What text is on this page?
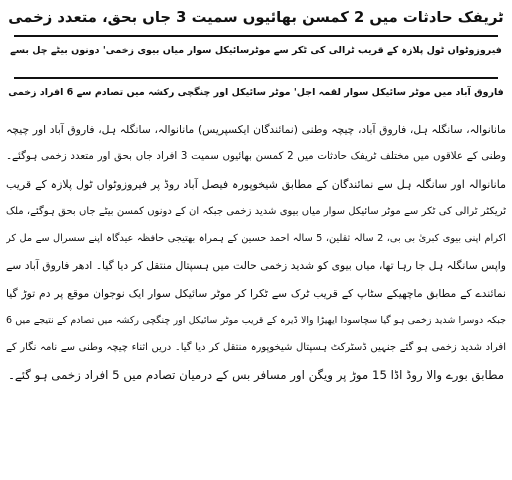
ٹریفک حادثات میں 2 کمسن بھائیوں سمیت 3 جاں بحق، متعدد زخمی
فیروزوٹواں ٹول پلازہ کے قریب ٹرالی کی ٹکر سے موٹرسائیکل سوار میاں بیوی زخمی' دونوں بیٹے چل بسے
فاروق آباد میں موٹر سائیکل سوار لقمہ اجل' موٹر سائیکل اور چنگچی رکشہ میں تصادم سے 6 افراد زخمی
مانانوالہ، سانگلہ ہل، فاروق آباد، چیچہ وطنی (نمائندگان ایکسپریس) مانانوالہ، سانگلہ ہل، فاروق آباد اور چیچہ
وطنی کے علاقوں میں مختلف ٹریفک حادثات میں 2 کمسن بھائیوں سمیت 3 افراد جاں بحق اور متعدد زخمی ہوگئے۔
مانانوالہ اور سانگلہ ہل سے نمائندگان کے مطابق شیخوپورہ فیصل آباد روڈ پر فیروزوٹواں ٹول پلازہ کے قریب
ٹریکٹر ٹرالی کی ٹکر سے موٹر سائیکل سوار میاں بیوی شدید زخمی جبکہ ان کے دونوں کمسن بیٹے جاں بحق ہوگئے، ملک
اکرام اپنی بیوی کبریٰ بی بی، 2 سالہ ثقلین، 5 سالہ احمد حسین کے ہمراہ بھتیجی حافظہ عیدگاہ اپنے سسرال سے مل کر
واپس سانگلہ ہل جا رہا تھا، میاں بیوی کو شدید زخمی حالت میں ہسپتال منتقل کر دیا گیا۔ ادھر فاروق آباد سے
نمائندے کے مطابق ماچھیکے سٹاپ کے قریب ٹرک سے ٹکرا کر موٹر سائیکل سوار ایک نوجوان موقع پر دم توڑ گیا
جبکہ دوسرا شدید زخمی ہو گیا سچاسودا ایھیڑا والا ڈیرہ کے قریب موٹر سائیکل اور چنگچی رکشہ میں تصادم کے نتیجے میں 6
افراد شدید زخمی ہو گئے جنہیں ڈسٹرکٹ ہسپتال شیخوپورہ منتقل کر دیا گیا۔ دریں اثناء چیچہ وطنی سے نامہ نگار کے
مطابق بورے والا روڈ اڈا 15 موڑ پر ویگن اور مسافر بس کے درمیان تصادم میں 5 افراد زخمی ہو گئے۔
